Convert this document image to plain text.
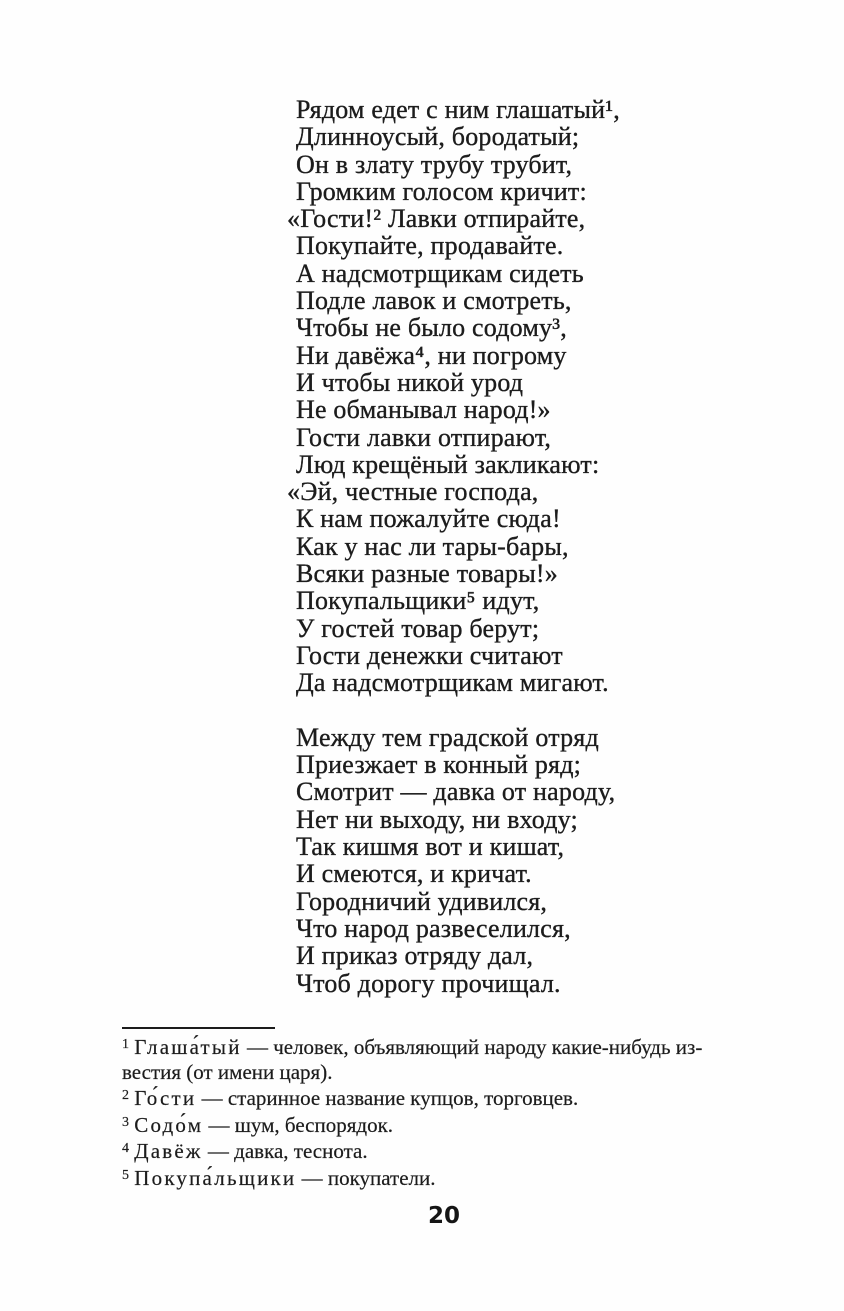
Рядом едет с ним глашатый¹,
Длинноусый, бородатый;
Он в злату трубу трубит,
Громким голосом кричит:
«Гости!² Лавки отпирайте,
Покупайте, продавайте.
А надсмотрщикам сидеть
Подле лавок и смотреть,
Чтобы не было содому³,
Ни давёжа⁴, ни погрому
И чтобы никой урод
Не обманывал народ!»
Гости лавки отпирают,
Люд крещёный закликают:
«Эй, честные господа,
К нам пожалуйте сюда!
Как у нас ли тары-бары,
Всяки разные товары!»
Покупальщики⁵ идут,
У гостей товар берут;
Гости денежки считают
Да надсмотрщикам мигают.
Между тем градской отряд
Приезжает в конный ряд;
Смотрит — давка от народу,
Нет ни выходу, ни входу;
Так кишмя вот и кишат,
И смеются, и кричат.
Городничий удивился,
Что народ развеселился,
И приказ отряду дал,
Чтоб дорогу прочищал.

$^1$ Глаша́тый — человек, объявляющий народу какие-нибудь из-вестия (от имени царя).

$^2$ Го́сти — старинное название купцов, торговцев.

$^3$ Содо́м — шум, беспорядок.

$^4$ Давёж — давка, теснота.

$^5$ Покупа́льщики — покупатели.

20
